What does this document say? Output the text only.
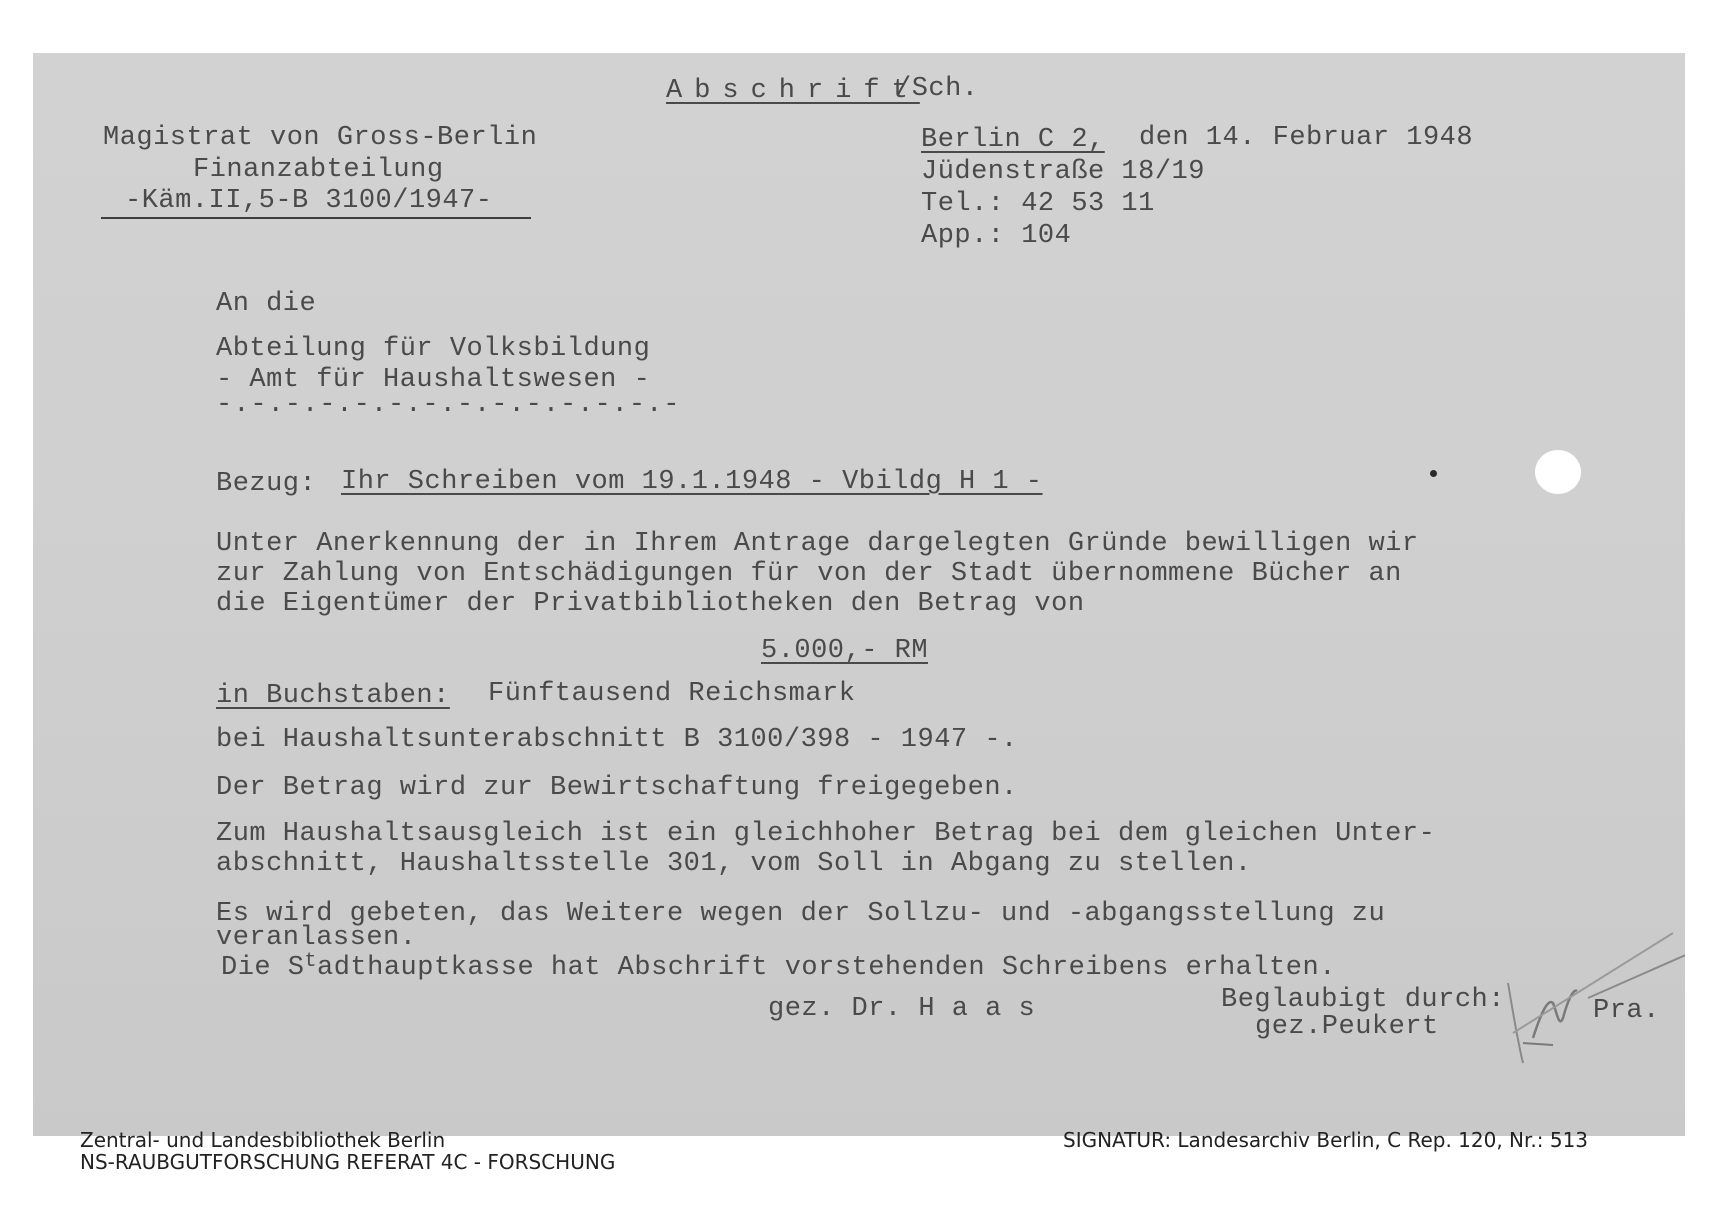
Abschrift
/Sch.
Magistrat von Gross-Berlin
Finanzabteilung
-Käm.II,5-B 3100/1947-
Berlin C 2, den 14. Februar 1948
Jüdenstraße 18/19
Tel.: 42 53 11
App.: 104
An die
Abteilung für Volksbildung
- Amt für Haushaltswesen -
-.-.-.-.-.-.-.-.-.-.-.-.-.-
Bezug: Ihr Schreiben vom 19.1.1948 - Vbildg H 1 -
Unter Anerkennung der in Ihrem Antrage dargelegten Gründe bewilligen wir
zur Zahlung von Entschädigungen für von der Stadt übernommene Bücher an
die Eigentümer der Privatbibliotheken den Betrag von
5.000,- RM
in Buchstaben: Fünftausend Reichsmark
bei Haushaltsunterabschnitt B 3100/398 - 1947 -.
Der Betrag wird zur Bewirtschaftung freigegeben.
Zum Haushaltsausgleich ist ein gleichhoher Betrag bei dem gleichen Unter-
abschnitt, Haushaltsstelle 301, vom Soll in Abgang zu stellen.
Es wird gebeten, das Weitere wegen der Sollzu- und -abgangsstellung zu
veranlassen.
Die $S^tadthauptkasse$ hat Abschrift vorstehenden Schreibens erhalten.
gez. Dr. H a a s	Beglaubigt durch:
gez.Peukert
Pra.
Zentral- und Landesbibliothek Berlin
NS-RAUBGUTFORSCHUNG REFERAT 4C - FORSCHUNG
SIGNATUR: Landesarchiv Berlin, C Rep. 120, Nr.: 513
